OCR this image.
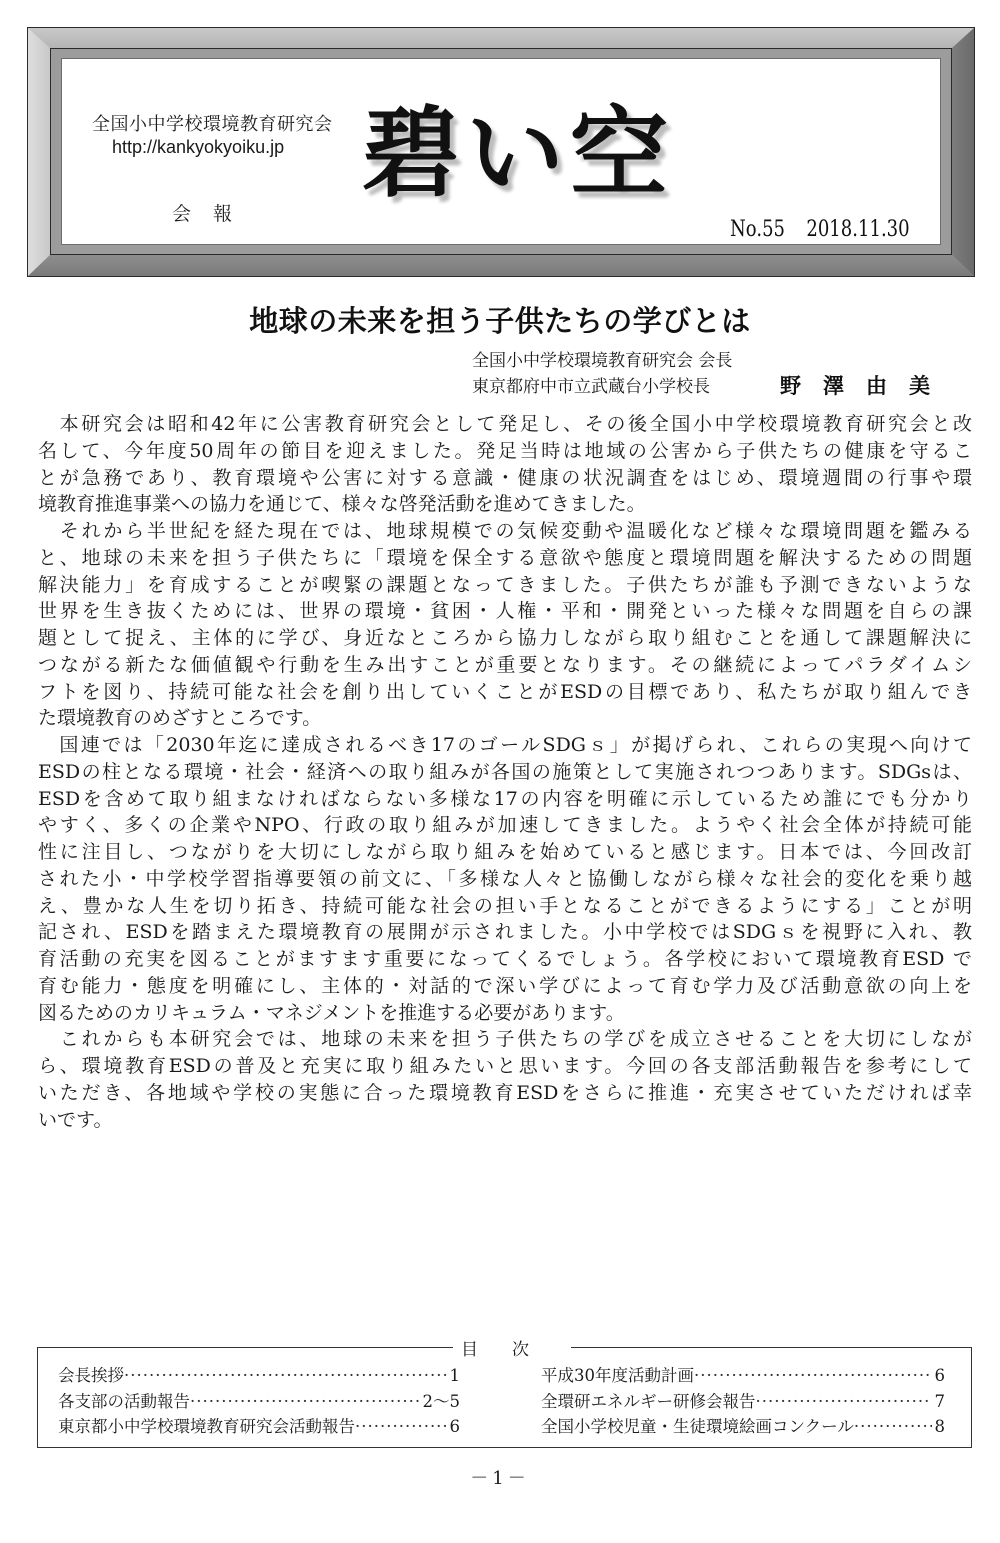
全国小中学校環境教育研究会
http://kankyokyoiku.jp
会報
碧い空
No.55 2018.11.30
地球の未来を担う子供たちの学びとは
全国小中学校環境教育研究会 会長
東京都府中市立武蔵台小学校長	野澤由美
　本研究会は昭和42年に公害教育研究会として発足し、その後全国小中学校環境教育研究会と改
名して、今年度50周年の節目を迎えました。発足当時は地域の公害から子供たちの健康を守るこ
とが急務であり、教育環境や公害に対する意識・健康の状況調査をはじめ、環境週間の行事や環
境教育推進事業への協力を通じて、様々な啓発活動を進めてきました。
　それから半世紀を経た現在では、地球規模での気候変動や温暖化など様々な環境問題を鑑みる
と、地球の未来を担う子供たちに「環境を保全する意欲や態度と環境問題を解決するための問題
解決能力」を育成することが喫緊の課題となってきました。子供たちが誰も予測できないような
世界を生き抜くためには、世界の環境・貧困・人権・平和・開発といった様々な問題を自らの課
題として捉え、主体的に学び、身近なところから協力しながら取り組むことを通して課題解決に
つながる新たな価値観や行動を生み出すことが重要となります。その継続によってパラダイムシ
フトを図り、持続可能な社会を創り出していくことがESDの目標であり、私たちが取り組んでき
た環境教育のめざすところです。
　国連では「2030年迄に達成されるべき17のゴールSDGｓ」が掲げられ、これらの実現へ向けて
ESDの柱となる環境・社会・経済への取り組みが各国の施策として実施されつつあります。SDGsは、
ESDを含めて取り組まなければならない多様な17の内容を明確に示しているため誰にでも分かり
やすく、多くの企業やNPO、行政の取り組みが加速してきました。ようやく社会全体が持続可能
性に注目し、つながりを大切にしながら取り組みを始めていると感じます。日本では、今回改訂
された小・中学校学習指導要領の前文に、「多様な人々と協働しながら様々な社会的変化を乗り越
え、豊かな人生を切り拓き、持続可能な社会の担い手となることができるようにする」ことが明
記され、ESDを踏まえた環境教育の展開が示されました。小中学校ではSDGｓを視野に入れ、教
育活動の充実を図ることがますます重要になってくるでしょう。各学校において環境教育ESD で
育む能力・態度を明確にし、主体的・対話的で深い学びによって育む学力及び活動意欲の向上を
図るためのカリキュラム・マネジメントを推進する必要があります。
　これからも本研究会では、地球の未来を担う子供たちの学びを成立させることを大切にしなが
ら、環境教育ESDの普及と充実に取り組みたいと思います。今回の各支部活動報告を参考にして
いただき、各地域や学校の実態に合った環境教育ESDをさらに推進・充実させていただければ幸
いです。
会長挨拶 ·····	1
各支部の活動報告 ·····	2～5
東京都小中学校環境教育研究会活動報告 ·····	6
平成30年度活動計画 ·····	6
全環研エネルギー研修会報告 ·····	7
全国小学校児童・生徒環境絵画コンクール ·····	8
目次
－1－
